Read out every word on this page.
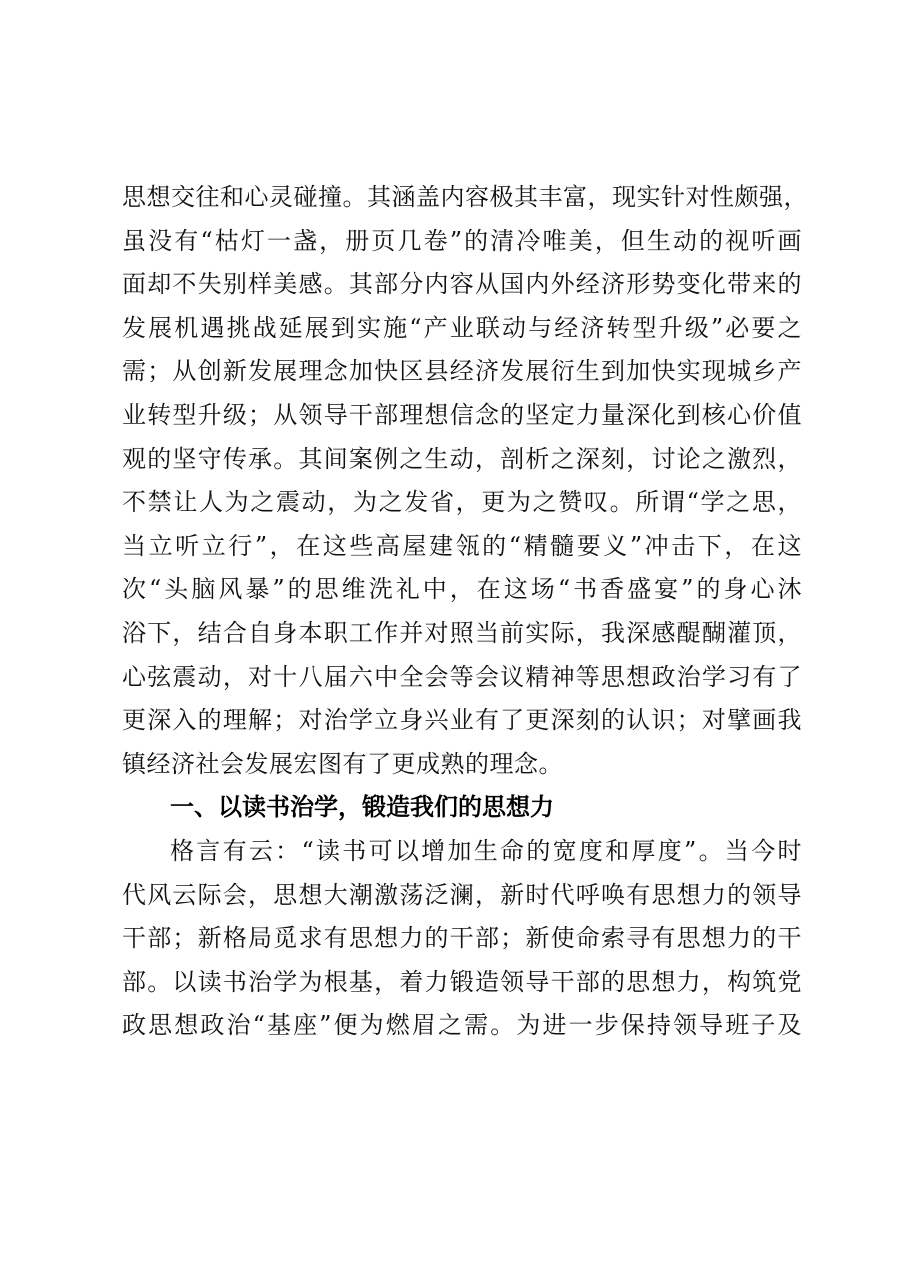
思想交往和心灵碰撞。其涵盖内容极其丰富，现实针对性颇强，
虽没有“枯灯一盏，册页几卷”的清冷唯美，但生动的视听画
面却不失别样美感。其部分内容从国内外经济形势变化带来的
发展机遇挑战延展到实施“产业联动与经济转型升级”必要之
需；从创新发展理念加快区县经济发展衍生到加快实现城乡产
业转型升级；从领导干部理想信念的坚定力量深化到核心价值
观的坚守传承。其间案例之生动，剖析之深刻，讨论之激烈，
不禁让人为之震动，为之发省，更为之赞叹。所谓“学之思，
当立听立行”，在这些高屋建瓴的“精髓要义”冲击下，在这
次“头脑风暴”的思维洗礼中，在这场“书香盛宴”的身心沐
浴下，结合自身本职工作并对照当前实际，我深感醍醐灌顶，
心弦震动，对十八届六中全会等会议精神等思想政治学习有了
更深入的理解；对治学立身兴业有了更深刻的认识；对擘画我
镇经济社会发展宏图有了更成熟的理念。
一、以读书治学，锻造我们的思想力
格言有云：“读书可以增加生命的宽度和厚度”。当今时
代风云际会，思想大潮激荡泛澜，新时代呼唤有思想力的领导
干部；新格局觅求有思想力的干部；新使命索寻有思想力的干
部。以读书治学为根基，着力锻造领导干部的思想力，构筑党
政思想政治“基座”便为燃眉之需。为进一步保持领导班子及
